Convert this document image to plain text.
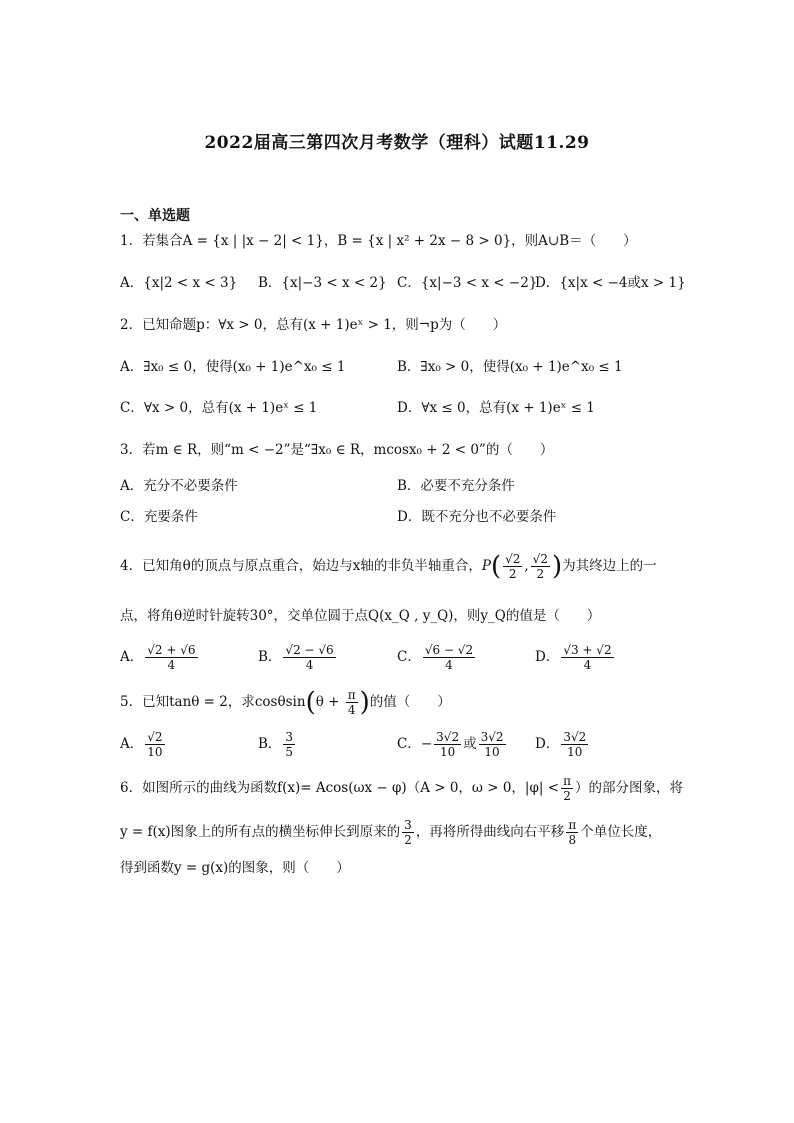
2022届高三第四次月考数学（理科）试题11.29
一、单选题
1．若集合A = {x | |x − 2| < 1}，B = {x | x² + 2x − 8 > 0}，则A∪B＝（　　）
A．{x|2 < x < 3} B．{x|−3 < x < 2} C．{x|−3 < x < −2}
D．{x|x < −4或x > 1}
2．已知命题p：∀x > 0，总有(x + 1)eˣ > 1，则¬p为（　　）
A．∃x₀ ≤ 0，使得(x₀ + 1)e^x₀ ≤ 1	B．∃x₀ > 0，使得(x₀ + 1)e^x₀ ≤ 1
C．∀x > 0，总有(x + 1)eˣ ≤ 1	D．∀x ≤ 0，总有(x + 1)eˣ ≤ 1
3．若m ∈ R，则“m < −2”是“∃x₀ ∈ R，mcosx₀ + 2 < 0”的（　　）
A．充分不必要条件	B．必要不充分条件
C．充要条件	D．既不充分也不必要条件
4．已知角θ的顶点与原点重合，始边与x轴的非负半轴重合，$P( \frac{√2}{2}$ , $\frac{√2}{2}$ )为其终边上的一
点，将角θ逆时针旋转30°，交单位圆于点Q(x_Q , y_Q)，则y_Q的值是（　　）
A． $\frac{√2 + √6}{4}$	B． $\frac{√2 - √6}{4}$	C． $\frac{√6 - √2}{4}$	D． $\frac{√3 + √2}{4}$
5．已知tanθ = 2，求$\cos\theta\sin(\theta + \frac{\pi}{4}$ )的值（　　）
A． $\frac{√2}{10}$	B． $\frac{3}{5}$	C．− $\frac{3√2}{10}$ 或 $\frac{3√2}{10}$ D． $\frac{3√2}{10}$
6．如图所示的曲线为函数f(x)= Acos(ωx − φ)（A > 0，ω > 0，$|\varphi| < \frac{\pi}{2}$ ）的部分图象，将
y = f(x)图象上的所有点的横坐标伸长到原来的 $\frac{3}{2}$ ，再将所得曲线向右平移 $\frac{\pi}{8}$ 个单位长度，
得到函数y = g(x)的图象，则（　　）
